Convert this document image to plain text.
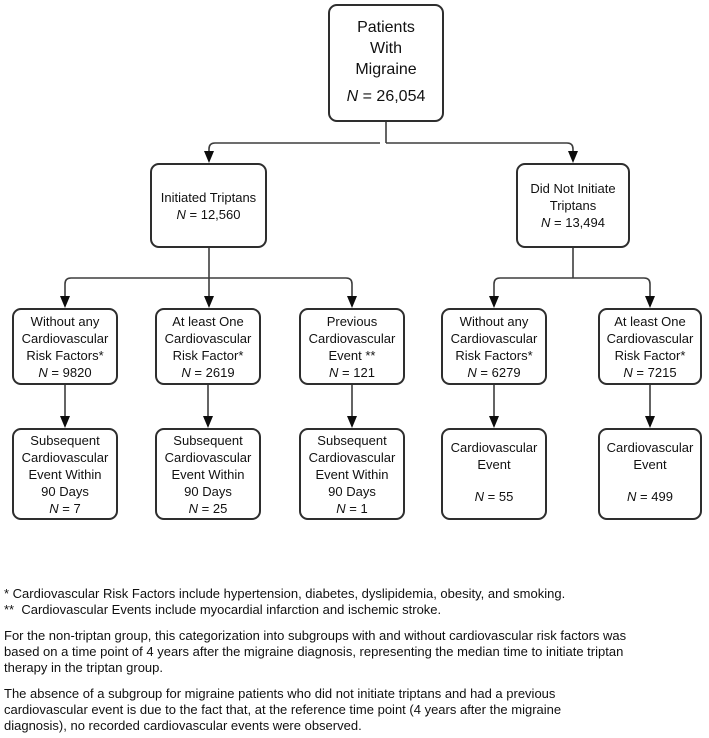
Patients
With
Migraine
N = 26,054
Initiated Triptans
N = 12,560
Did Not Initiate
Triptans
N = 13,494
Without any
Cardiovascular
Risk Factors*
N = 9820
At least One
Cardiovascular
Risk Factor*
N = 2619
Previous
Cardiovascular
Event **
N = 121
Without any
Cardiovascular
Risk Factors*
N = 6279
At least One
Cardiovascular
Risk Factor*
N = 7215
Subsequent
Cardiovascular
Event Within
90 Days
N = 7
Subsequent
Cardiovascular
Event Within
90 Days
N = 25
Subsequent
Cardiovascular
Event Within
90 Days
N = 1
Cardiovascular
Event
N = 55
Cardiovascular
Event
N = 499
* Cardiovascular Risk Factors include hypertension, diabetes, dyslipidemia, obesity, and smoking.
**  Cardiovascular Events include myocardial infarction and ischemic stroke.
For the non-triptan group, this categorization into subgroups with and without cardiovascular risk factors was
based on a time point of 4 years after the migraine diagnosis, representing the median time to initiate triptan
therapy in the triptan group.
The absence of a subgroup for migraine patients who did not initiate triptans and had a previous
cardiovascular event is due to the fact that, at the reference time point (4 years after the migraine
diagnosis), no recorded cardiovascular events were observed.
